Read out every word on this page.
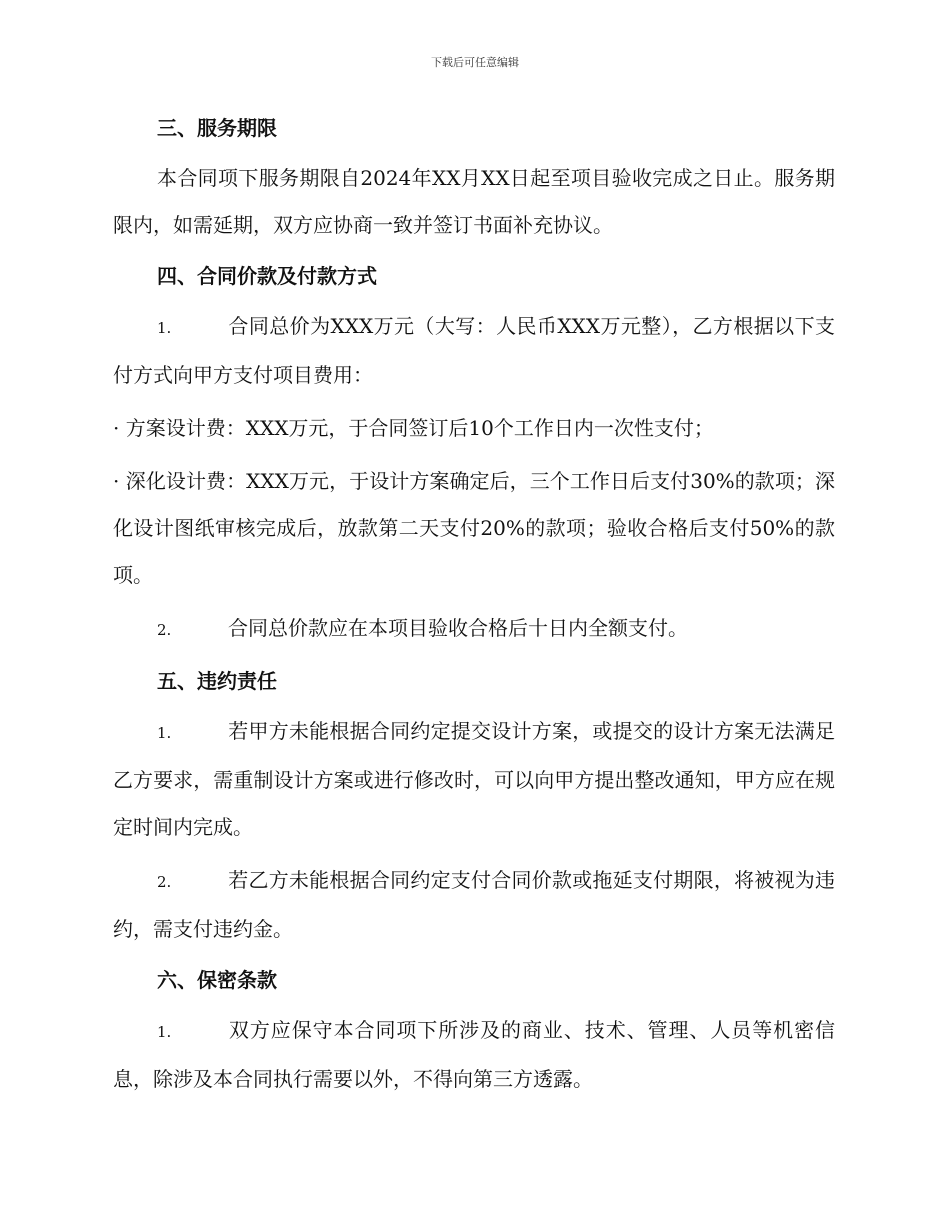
下载后可任意编辑
三、服务期限

本合同项下服务期限自2024年XX月XX日起至项目验收完成之日止。服务期限内，如需延期，双方应协商一致并签订书面补充协议。

四、合同价款及付款方式

1.	合同总价为XXX万元（大写：人民币XXX万元整），乙方根据以下支付方式向甲方支付项目费用：

· 方案设计费：XXX万元，于合同签订后10个工作日内一次性支付；

· 深化设计费：XXX万元，于设计方案确定后，三个工作日后支付30%的款项；深化设计图纸审核完成后，放款第二天支付20%的款项；验收合格后支付50%的款项。

2.	合同总价款应在本项目验收合格后十日内全额支付。

五、违约责任

1.	若甲方未能根据合同约定提交设计方案，或提交的设计方案无法满足乙方要求，需重制设计方案或进行修改时，可以向甲方提出整改通知，甲方应在规定时间内完成。

2.	若乙方未能根据合同约定支付合同价款或拖延支付期限，将被视为违约，需支付违约金。

六、保密条款

1.	双方应保守本合同项下所涉及的商业、技术、管理、人员等机密信息，除涉及本合同执行需要以外，不得向第三方透露。
